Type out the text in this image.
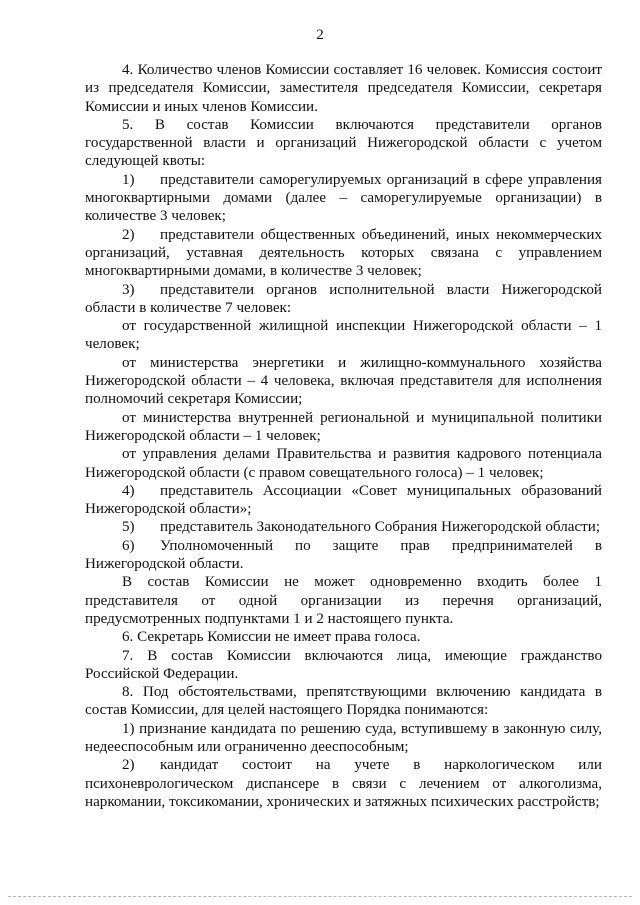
2

4. Количество членов Комиссии составляет 16 человек. Комиссия состоит из председателя Комиссии, заместителя председателя Комиссии, секретаря Комиссии и иных членов Комиссии.

5. В состав Комиссии включаются представители органов государственной власти и организаций Нижегородской области с учетом следующей квоты:

1) представители саморегулируемых организаций в сфере управления многоквартирными домами (далее – саморегулируемые организации) в количестве 3 человек;

2) представители общественных объединений, иных некоммерческих организаций, уставная деятельность которых связана с управлением многоквартирными домами, в количестве 3 человек;

3) представители органов исполнительной власти Нижегородской области в количестве 7 человек:

от государственной жилищной инспекции Нижегородской области – 1 человек;

от министерства энергетики и жилищно-коммунального хозяйства Нижегородской области – 4 человека, включая представителя для исполнения полномочий секретаря Комиссии;

от министерства внутренней региональной и муниципальной политики Нижегородской области – 1 человек;

от управления делами Правительства и развития кадрового потенциала Нижегородской области (с правом совещательного голоса) – 1 человек;

4) представитель Ассоциации «Совет муниципальных образований Нижегородской области»;

5) представитель Законодательного Собрания Нижегородской области;

6) Уполномоченный по защите прав предпринимателей в Нижегородской области.

В состав Комиссии не может одновременно входить более 1 представителя от одной организации из перечня организаций, предусмотренных подпунктами 1 и 2 настоящего пункта.

6. Секретарь Комиссии не имеет права голоса.

7. В состав Комиссии включаются лица, имеющие гражданство Российской Федерации.

8. Под обстоятельствами, препятствующими включению кандидата в состав Комиссии, для целей настоящего Порядка понимаются:

1) признание кандидата по решению суда, вступившему в законную силу, недееспособным или ограниченно дееспособным;

2) кандидат состоит на учете в наркологическом или психоневрологическом диспансере в связи с лечением от алкоголизма, наркомании, токсикомании, хронических и затяжных психических расстройств;
